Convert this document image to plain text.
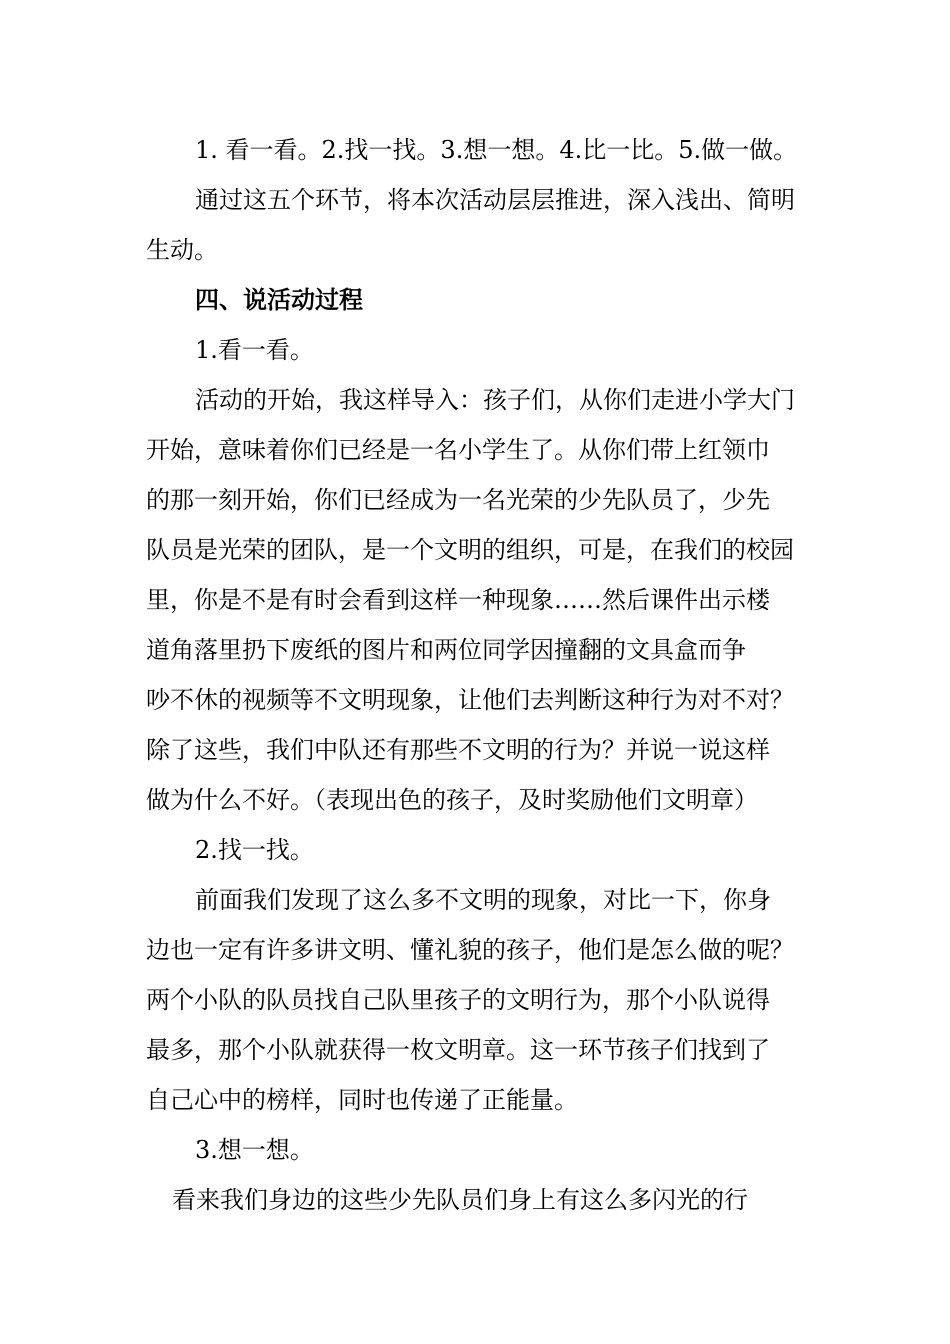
1. 看一看。2.找一找。3.想一想。4.比一比。5.做一做。
通过这五个环节，将本次活动层层推进，深入浅出、简明
生动。
四、说活动过程
1.看一看。
活动的开始，我这样导入：孩子们，从你们走进小学大门
开始，意味着你们已经是一名小学生了。从你们带上红领巾
的那一刻开始，你们已经成为一名光荣的少先队员了，少先
队员是光荣的团队，是一个文明的组织，可是，在我们的校园
里，你是不是有时会看到这样一种现象……然后课件出示楼
道角落里扔下废纸的图片和两位同学因撞翻的文具盒而争
吵不休的视频等不文明现象，让他们去判断这种行为对不对？
除了这些，我们中队还有那些不文明的行为？并说一说这样
做为什么不好。（表现出色的孩子，及时奖励他们文明章）
2.找一找。
前面我们发现了这么多不文明的现象，对比一下，你身
边也一定有许多讲文明、懂礼貌的孩子，他们是怎么做的呢？
两个小队的队员找自己队里孩子的文明行为，那个小队说得
最多，那个小队就获得一枚文明章。这一环节孩子们找到了
自己心中的榜样，同时也传递了正能量。
3.想一想。
看来我们身边的这些少先队员们身上有这么多闪光的行
